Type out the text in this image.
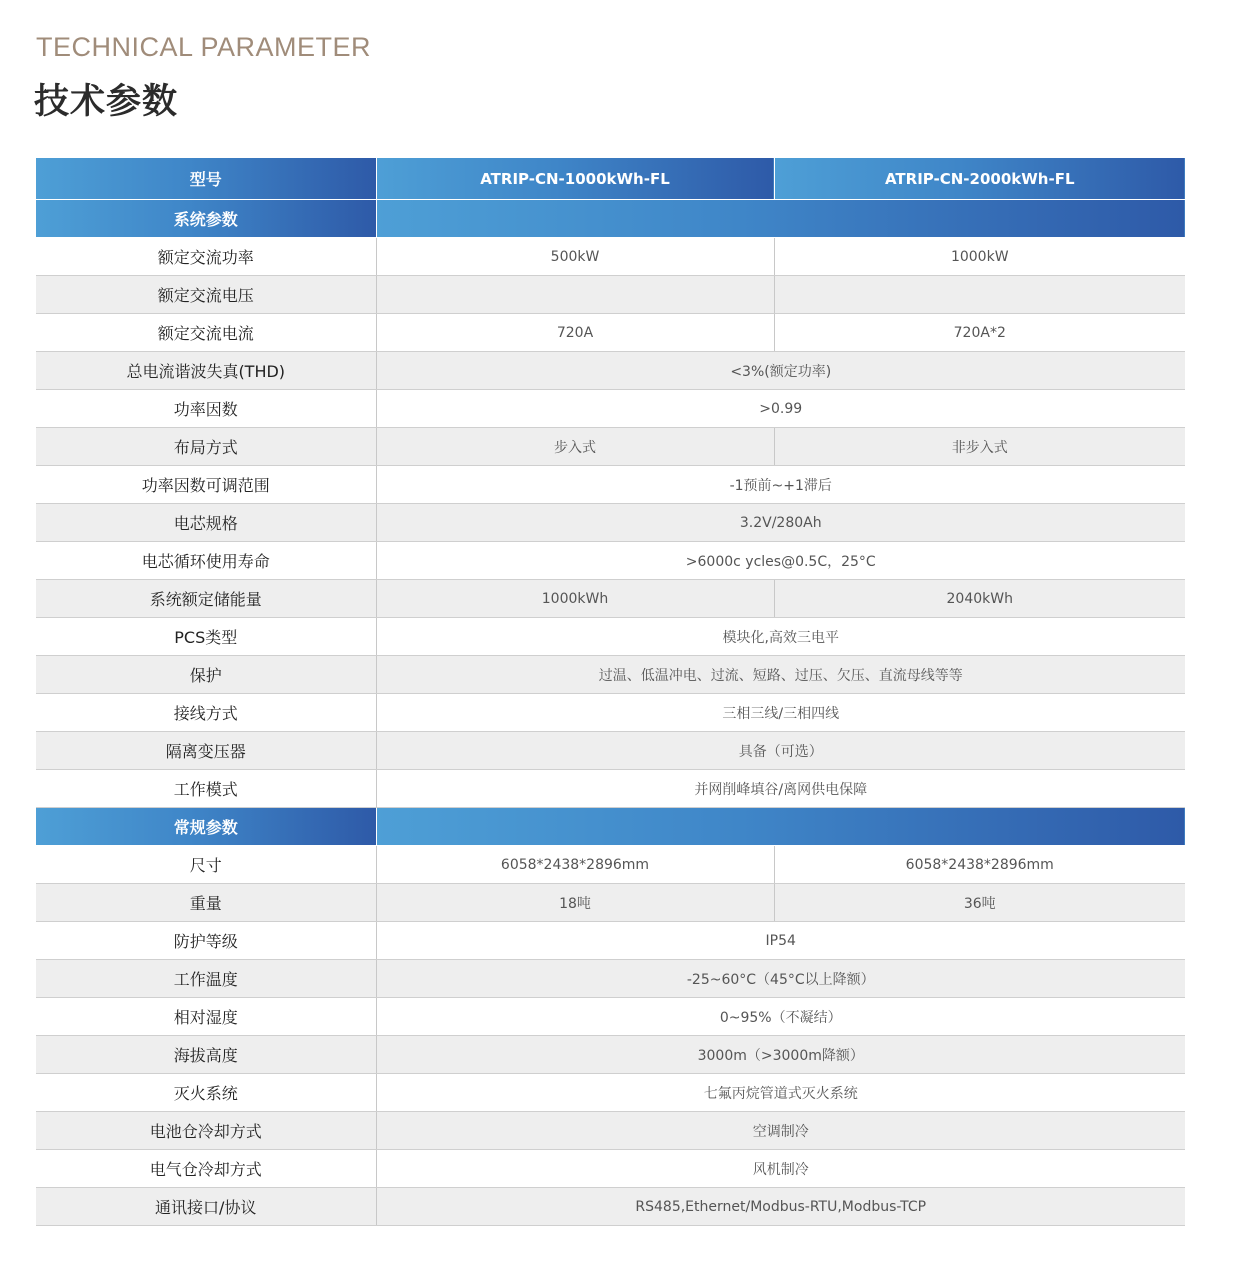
TECHNICAL PARAMETER
技术参数
型号	ATRIP-CN-1000kWh-FL	ATRIP-CN-2000kWh-FL
系统参数		
额定交流功率	500kW	1000kW
额定交流电压		
额定交流电流	720A	720A*2
总电流谐波失真(THD)	<3%(额定功率)	
功率因数	>0.99	
布局方式	步入式	非步入式
功率因数可调范围	-1预前~+1滞后	
电芯规格	3.2V/280Ah	
电芯循环使用寿命	>6000c ycles@0.5C，25°C	
系统额定储能量	1000kWh	2040kWh
PCS类型	模块化,高效三电平	
保护	过温、低温冲电、过流、短路、过压、欠压、直流母线等等	
接线方式	三相三线/三相四线	
隔离变压器	具备（可选）	
工作模式	并网削峰填谷/离网供电保障	
常规参数		
尺寸	6058*2438*2896mm	6058*2438*2896mm
重量	18吨	36吨
防护等级	IP54	
工作温度	-25~60°C（45°C以上降额）	
相对湿度	0~95%（不凝结）	
海拔高度	3000m（>3000m降额）	
灭火系统	七氟丙烷管道式灭火系统	
电池仓冷却方式	空调制冷	
电气仓冷却方式	风机制冷	
通讯接口/协议	RS485,Ethernet/Modbus-RTU,Modbus-TCP	
